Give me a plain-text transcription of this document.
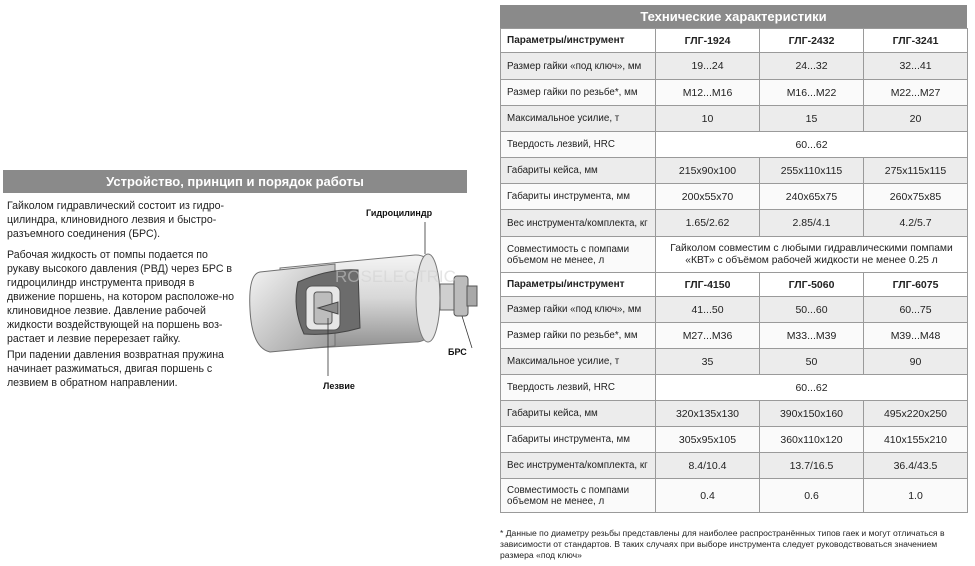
Устройство, принцип и порядок работы

Гайколом гидравлический состоит из гидро-цилиндра, клиновидного лезвия и быстро-разъемного соединения (БРС).

Рабочая жидкость от помпы подается по рукаву высокого давления (РВД) через БРС в гидроцилиндр инструмента приводя в движение поршень, на котором расположе-но клиновидное лезвие. Давление рабочей жидкости воздействующей на поршень воз-растает и лезвие перерезает гайку.

При падении давления возвратная пружина начинает разжиматься, двигая поршень с лезвием в обратном направлении.

ROSELECTRIC
Гидроцилиндр
БРС
Лезвие
Технические характеристики
Параметры/инструмент	ГЛГ-1924	ГЛГ-2432	ГЛГ-3241
Размер гайки «под ключ», мм	19...24	24...32	32...41
Размер гайки по резьбе*, мм	М12...М16	М16...М22	М22...М27
Максимальное усилие, т	10	15	20
Твердость лезвий, HRC	60...62		
Габариты кейса, мм	215х90х100	255х110х115	275х115х115
Габариты инструмента, мм	200х55х70	240х65х75	260х75х85
Вес инструмента/комплекта, кг	1.65/2.62	2.85/4.1	4.2/5.7
Совместимость с помпами объемом не менее, л	Гайколом совместим с любыми гидравлическими помпами «КВТ» с объёмом рабочей жидкости не менее 0.25 л		
Параметры/инструмент	ГЛГ-4150	ГЛГ-5060	ГЛГ-6075
Размер гайки «под ключ», мм	41...50	50...60	60...75
Размер гайки по резьбе*, мм	М27...М36	М33...М39	М39...М48
Максимальное усилие, т	35	50	90
Твердость лезвий, HRC	60...62		
Габариты кейса, мм	320х135х130	390х150х160	495х220х250
Габариты инструмента, мм	305х95х105	360х110х120	410х155х210
Вес инструмента/комплекта, кг	8.4/10.4	13.7/16.5	36.4/43.5
Совместимость с помпами объемом не менее, л	0.4	0.6	1.0
* Данные по диаметру резьбы представлены для наиболее распространённых типов гаек и могут отличаться в зависимости от стандартов. В таких случаях при выборе инструмента следует руководствоваться значением размера «под ключ»
